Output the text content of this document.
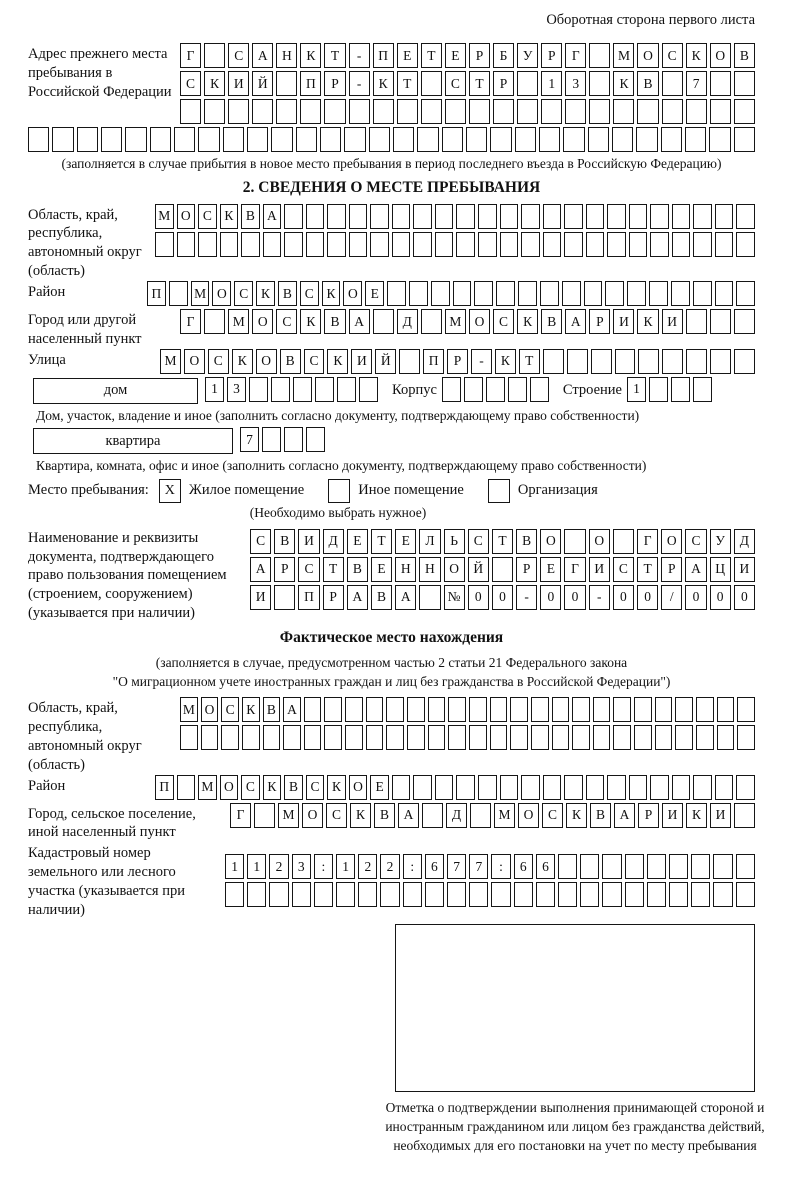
Оборотная сторона первого листа
Адрес прежнего места пребывания в Российской Федерации
Г	С	А	Н	К	Т	-	П	Е	Т	Е	Р	Б	У	Р	Г	М О	С	К	О	В
С	К	И	Й	П	Р	-	К	Т	С	Т	Р	1	3	К	В	7
(заполняется в случае прибытия в новое место пребывания в период последнего въезда в Российскую Федерацию)
2. СВЕДЕНИЯ О МЕСТЕ ПРЕБЫВАНИЯ
Область, край, республика, автономный округ (область)
М О С К В А
Район	П	М О С К В С К О Е
Город или другой населенный пункт
Г	М О	С	К	В	А	Д	М О	С	К	В	А	Р	И	К	И
Улица	М О	С	К	О	В	С	К	И	Й	П	Р	-	К	Т
дом	1	3	Корпус	Строение 1
Дом, участок, владение и иное (заполнить согласно документу, подтверждающему право собственности)
квартира	7
Квартира, комната, офис и иное (заполнить согласно документу, подтверждающему право собственности)
Место пребывания:	X Жилое помещение	Иное помещение	Организация
(Необходимо выбрать нужное)
Наименование и реквизиты документа, подтверждающего право пользования помещением (строением, сооружением) (указывается при наличии)
С	В	И	Д	Е	Т	Е	Л	Ь	С	Т	В	О	О	Г	О	С	У	Д
А	Р	С	Т	В	Е	Н	Н	О	Й	Р	Е	Г	И	С	Т	Р	А	Ц	И
И	П	Р	А	В	А	№	0	0	-	0	0	-	0	0	/	0	0	0
Фактическое место нахождения
(заполняется в случае, предусмотренном частью 2 статьи 21 Федерального закона
"О миграционном учете иностранных граждан и лиц без гражданства в Российской Федерации")
Область, край, республика, автономный округ (область)
М О С К В А
Район	П	М О С К В С К О Е
Город, сельское поселение, иной населенный пункт
Г	М О	С	К	В	А	Д	М О	С	К	В	А	Р	И	К	И
Кадастровый номер земельного или лесного участка (указывается при наличии)
1	1	2	3	:	1	2	2	:	6	7	7	:	6	6
Отметка о подтверждении выполнения принимающей стороной и иностранным гражданином или лицом без гражданства действий, необходимых для его постановки на учет по месту пребывания
